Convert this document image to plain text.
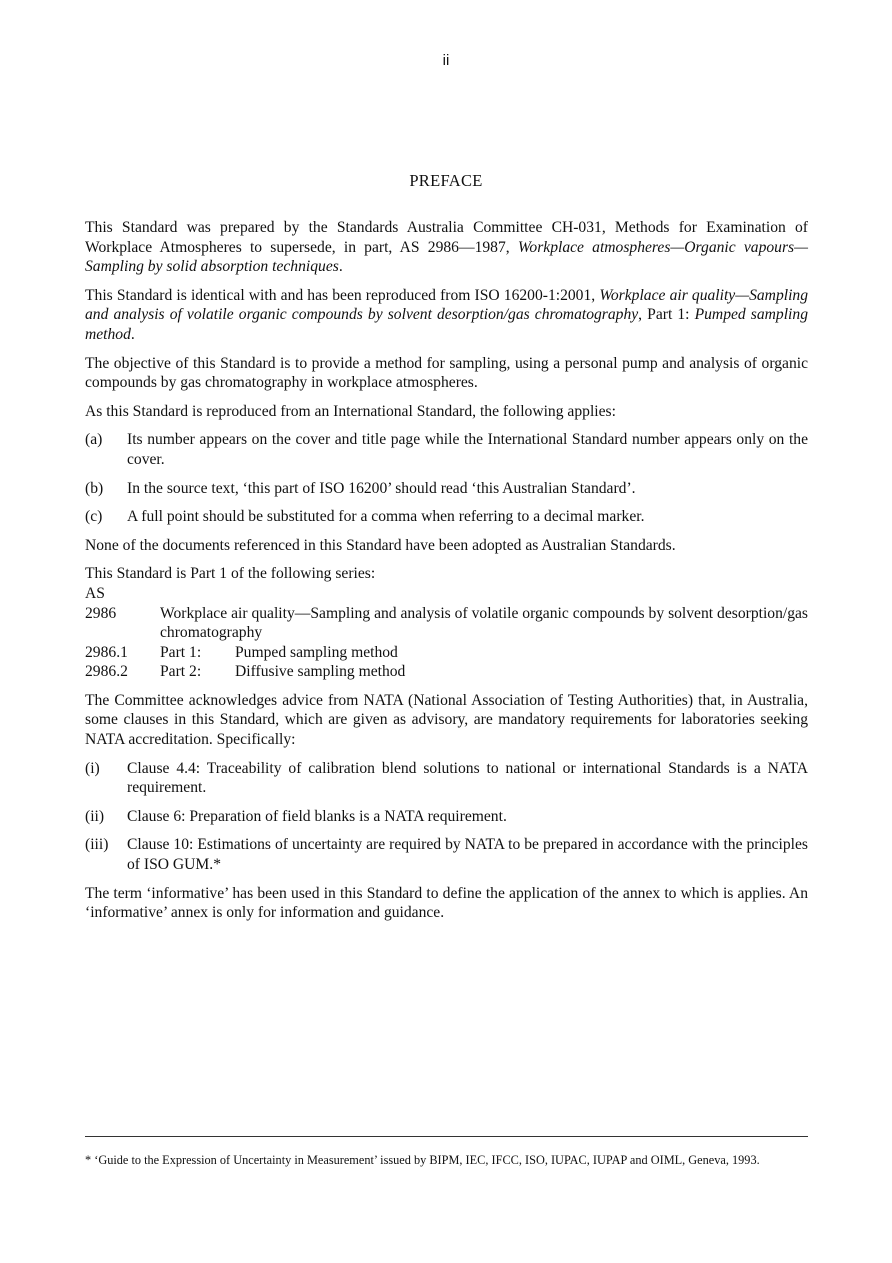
ii
PREFACE

This Standard was prepared by the Standards Australia Committee CH-031, Methods for Examination of Workplace Atmospheres to supersede, in part, AS 2986—1987, Workplace atmospheres—Organic vapours—Sampling by solid absorption techniques.

This Standard is identical with and has been reproduced from ISO 16200-1:2001, Workplace air quality—Sampling and analysis of volatile organic compounds by solvent desorption/gas chromatography, Part 1: Pumped sampling method.

The objective of this Standard is to provide a method for sampling, using a personal pump and analysis of organic compounds by gas chromatography in workplace atmospheres.

As this Standard is reproduced from an International Standard, the following applies:

(a)	Its number appears on the cover and title page while the International Standard number appears only on the cover.
(b)	In the source text, ‘this part of ISO 16200’ should read ‘this Australian Standard’.
(c)	A full point should be substituted for a comma when referring to a decimal marker.

None of the documents referenced in this Standard have been adopted as Australian Standards.

This Standard is Part 1 of the following series:

AS
2986	Workplace air quality—Sampling and analysis of volatile organic compounds by solvent desorption/gas chromatography
2986.1	Part 1:	Pumped sampling method
2986.2	Part 2:	Diffusive sampling method

The Committee acknowledges advice from NATA (National Association of Testing Authorities) that, in Australia, some clauses in this Standard, which are given as advisory, are mandatory requirements for laboratories seeking NATA accreditation. Specifically:

(i)	Clause 4.4: Traceability of calibration blend solutions to national or international Standards is a NATA requirement.
(ii)	Clause 6: Preparation of field blanks is a NATA requirement.
(iii)	Clause 10: Estimations of uncertainty are required by NATA to be prepared in accordance with the principles of ISO GUM.*

The term ‘informative’ has been used in this Standard to define the application of the annex to which is applies. An ‘informative’ annex is only for information and guidance.

* ‘Guide to the Expression of Uncertainty in Measurement’ issued by BIPM, IEC, IFCC, ISO, IUPAC, IUPAP and OIML, Geneva, 1993.
